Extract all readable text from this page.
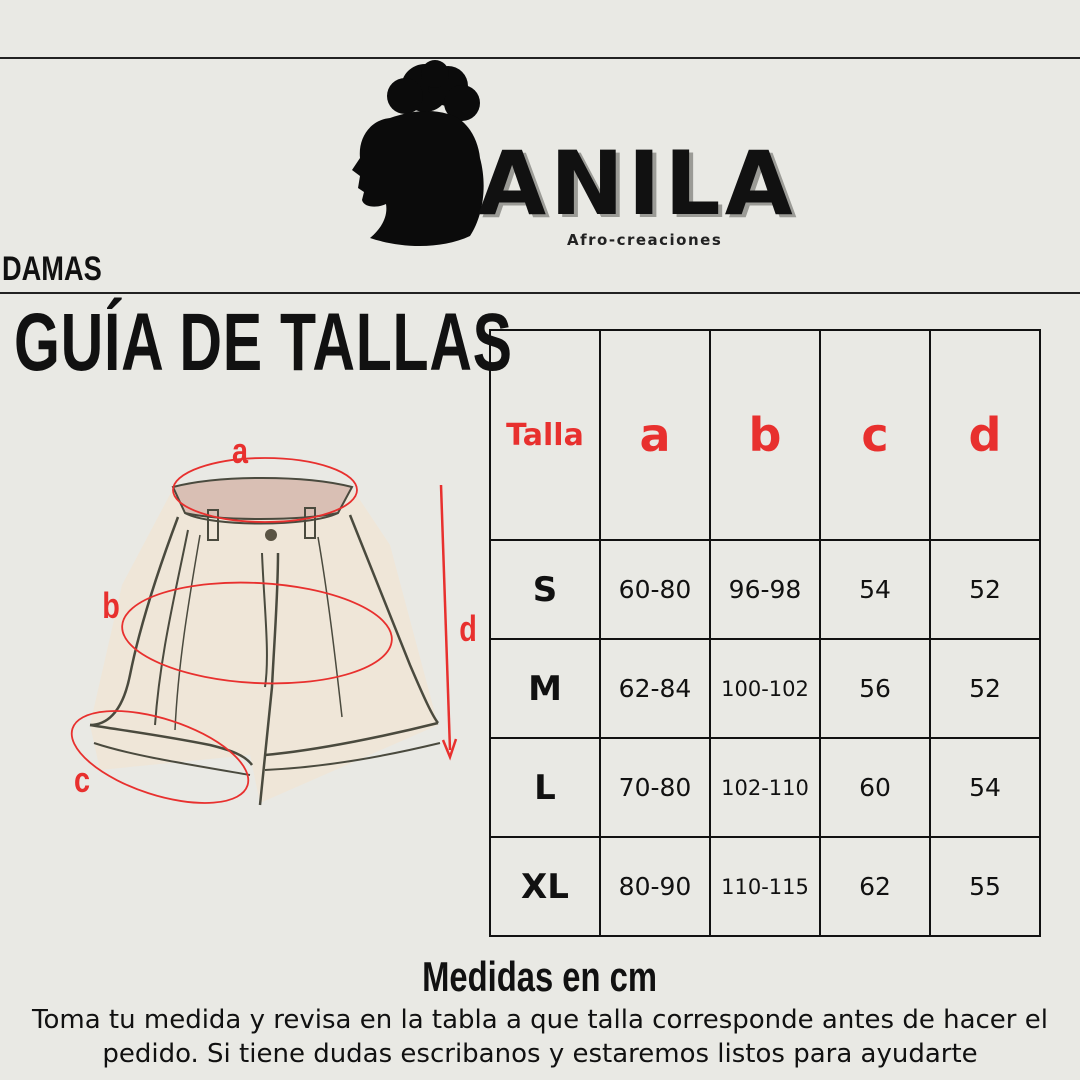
ANILA
Afro-creaciones
DAMAS
GUÍA DE TALLAS
a
b
c
d
Talla	a	b	c	d
S	60-80	96-98	54	52
M	62-84	100-102	56	52
L	70-80	102-110	60	54
XL	80-90	110-115	62	55
Medidas en cm
Toma tu medida y revisa en la tabla a que talla corresponde antes de hacer el
pedido. Si tiene dudas escribanos y estaremos listos para ayudarte
